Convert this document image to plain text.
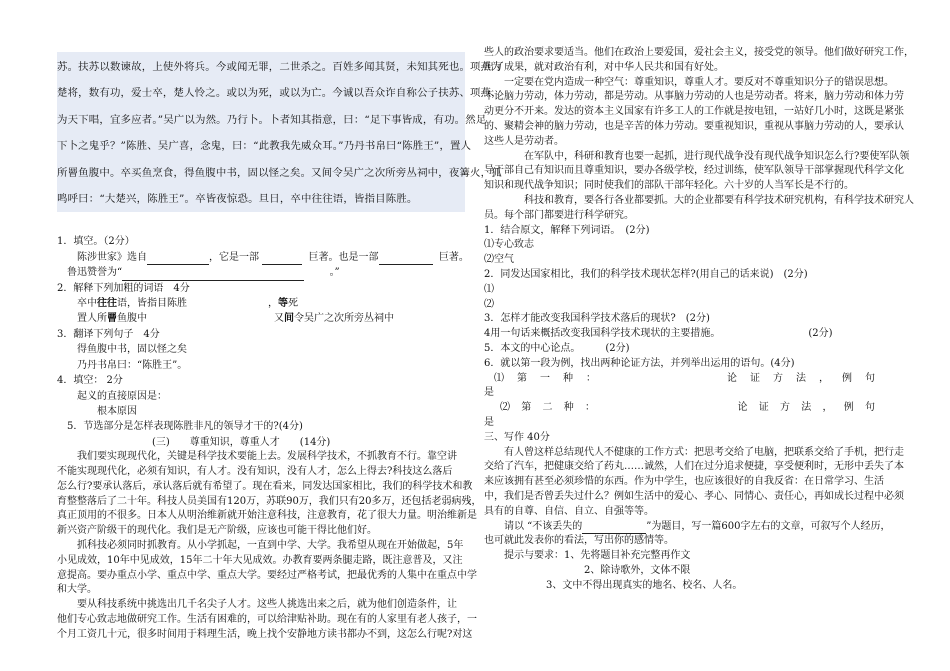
苏。扶苏以数谏故，上使外将兵。今或闻无罪，二世杀之。百姓多闻其贤，未知其死也。项燕为

楚将，数有功，爱士卒，楚人怜之。或以为死，或以为亡。今诚以吾众诈自称公子扶苏、项燕，

为天下唱，宜多应者。”吴广以为然。乃行卜。卜者知其指意，曰：“足下事皆成，有功。然足

下卜之鬼乎？”陈胜、吴广喜，念鬼，曰：“此教我先威众耳。”乃丹书帛曰“陈胜王”，置人

所罾鱼腹中。卒买鱼烹食，得鱼腹中书，固以怪之矣。又间令吴广之次所旁丛祠中，夜篝火，狐

鸣呼曰：“大楚兴，陈胜王”。卒皆夜惊恐。旦日，卒中往往语，皆指目陈胜。

1．填空。（2分）

陈涉世家》选自	，它是一部	巨著。也是一部	巨著。

鲁迅赞誉为“	。”

2．解释下列加粗的词语　4分

卒中往往语，皆指目陈胜	，等死

置人所罾鱼腹中	又间令吴广之次所旁丛祠中

3．翻译下列句子　4分

得鱼腹中书，固以怪之矣

乃丹书帛曰：“陈胜王”。

4．填空： 2分

起义的直接原因是：

根本原因

5．节选部分是怎样表现陈胜非凡的领导才干的?(4分)

(三)　　尊重知识，尊重人才　　(14分)

我们要实现现代化，关键是科学技术要能上去。发展科学技术，不抓教育不行。靠空讲

不能实现现代化，必须有知识，有人才。没有知识，没有人才，怎么上得去?科技这么落后

怎么行?要承认落后，承认落后就有希望了。现在看来，同发达国家相比，我们的科学技术和教

育整整落后了二十年。科技人员美国有120万，苏联90万，我们只有20多万，还包括老弱病残，

真正顶用的不很多。日本人从明治维新就开始注意科技，注意教育，花了很大力量。明治维新是

新兴资产阶级干的现代化。我们是无产阶级，应该也可能干得比他们好。

抓科技必须同时抓教育。从小学抓起，一直到中学、大学。我希望从现在开始做起，5年

小见成效，10年中见成效，15年二十年大见成效。办教育要两条腿走路，既注意普及，又注

意提高。要办重点小学、重点中学、重点大学。要经过严格考试，把最优秀的人集中在重点中学

和大学。

要从科技系统中挑选出几千名尖子人才。这些人挑选出来之后，就为他们创造条件，让

他们专心致志地做研究工作。生活有困难的，可以给津贴补助。现在有的人家里有老人孩子，一

个月工资几十元，很多时间用于料理生活，晚上找个安静地方读书都办不到，这怎么行呢?对这

些人的政治要求要适当。他们在政治上要爱国，爱社会主义，接受党的领导。他们做好研究工作，

出了成果，就对政治有利，对中华人民共和国有好处。

一定要在党内造成一种空气：尊重知识，尊重人才。要反对不尊重知识分子的错误思想。

不论脑力劳动，体力劳动，都是劳动。从事脑力劳动的人也是劳动者。将来，脑力劳动和体力劳

动更分不开来。发达的资本主义国家有许多工人的工作就是按电钮，一站好几小时，这既是紧张

的、聚精会神的脑力劳动，也是辛苦的体力劳动。要重视知识，重视从事脑力劳动的人，要承认

这些人是劳动者。

在军队中，科研和教育也要一起抓，进行现代战争没有现代战争知识怎么行?要使军队领

导干部自己有知识而且尊重知识，要办各级学校，经过训练，使军队领导干部掌握现代科学文化

知识和现代战争知识；同时使我们的部队干部年轻化。六十岁的人当军长是不行的。

科技和教育，要各行各业都要抓。大的企业都要有科学技术研究机构，有科学技术研究人

员。每个部门都要进行科学研究。

1．结合原文，解释下列词语。　(2分)

⑴专心致志

⑵空气

2．同发达国家相比，我们的科学技术现状怎样?(用自己的话来说)　(2分)

⑴

⑵

3．怎样才能改变我国科学技术落后的现状?　(2分)

4用一句话来概括改变我国科学技术现状的主要措施。	(2分)

5．本文的中心论点。　　　(2分)

6．就以第一段为例，找出两种论证方法，并列举出运用的语句。(4分)

⑴ 第 一 种 ：	论 证 方 法 ， 例 句

是

⑵ 第 二 种 ：	论 证 方 法 ， 例 句

是

三、写作 40分

有人曾这样总结现代人不健康的工作方式：把思考交给了电脑，把联系交给了手机，把行走

交给了汽车，把健康交给了药丸……诚然，人们在过分追求便捷，享受便利时，无形中丢失了本

来应该拥有甚至必须珍惜的东西。作为中学生，也应该很好的自我反省：在日常学习、生活

中，我们是否曾丢失过什么？例如生活中的爱心、孝心、同情心、责任心，再如成长过程中必须

具有的自尊、自信、自立、自强等等。

请以 “不该丢失的	”为题目，写一篇600字左右的文章，可叙写个人经历，

也可就此发表你的看法，写出你的感情等。

提示与要求：1、先将题目补充完整再作文

2、除诗歌外，文体不限

3、文中不得出现真实的地名、校名、人名。
